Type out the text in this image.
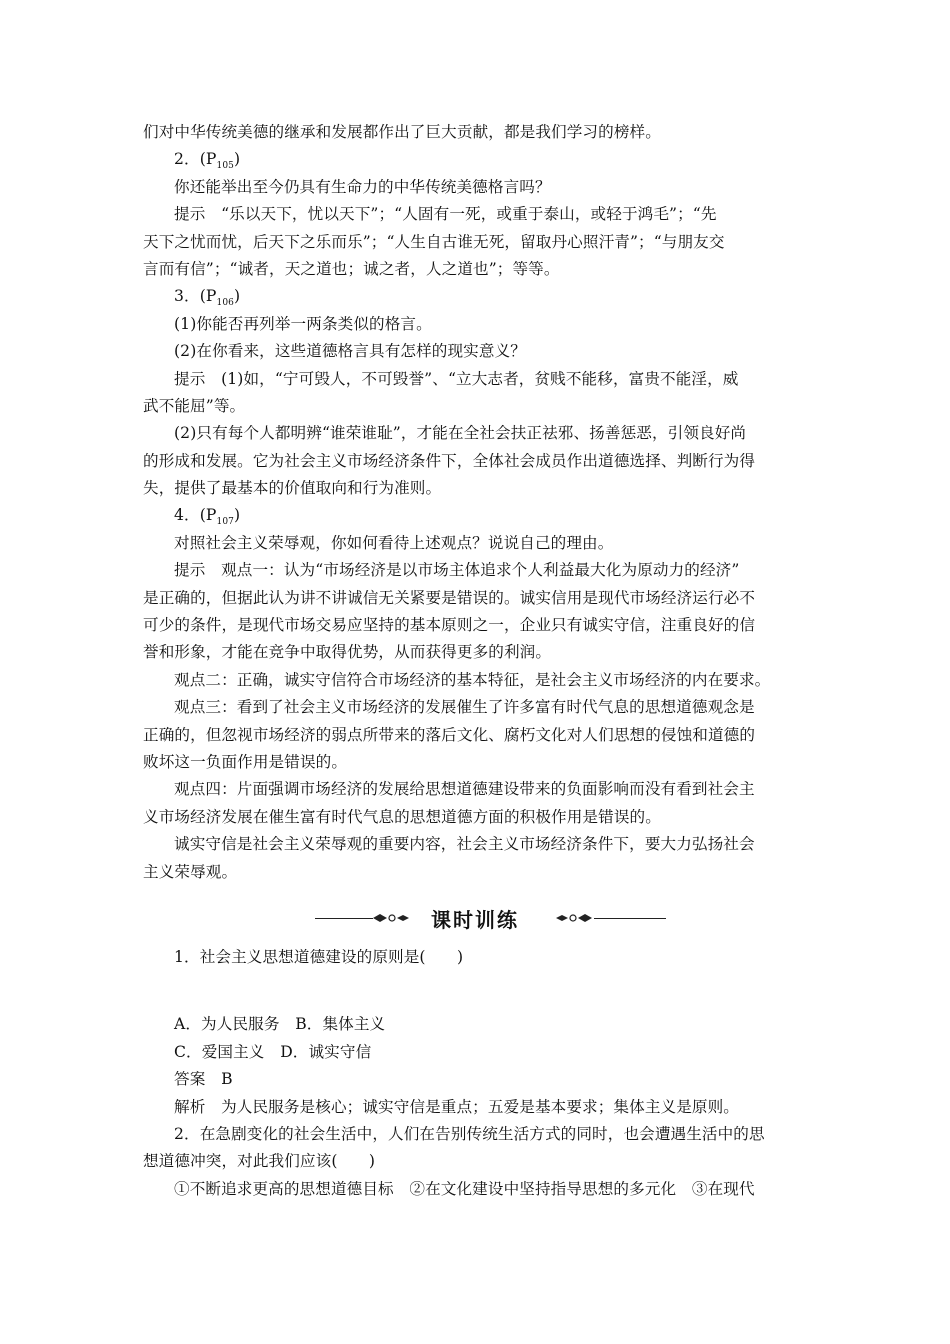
们对中华传统美德的继承和发展都作出了巨大贡献，都是我们学习的榜样。
2．$(P_{105})$
你还能举出至今仍具有生命力的中华传统美德格言吗？
提示　“乐以天下，忧以天下”；“人固有一死，或重于泰山，或轻于鸿毛”；“先
天下之忧而忧，后天下之乐而乐”；“人生自古谁无死，留取丹心照汗青”；“与朋友交
言而有信”；“诚者，天之道也；诚之者，人之道也”；等等。
3．$(P_{106})$
(1)你能否再列举一两条类似的格言。
(2)在你看来，这些道德格言具有怎样的现实意义？
提示　(1)如，“宁可毁人，不可毁誉”、“立大志者，贫贱不能移，富贵不能淫，威
武不能屈”等。
(2)只有每个人都明辨“谁荣谁耻”，才能在全社会扶正祛邪、扬善惩恶，引领良好尚
的形成和发展。它为社会主义市场经济条件下，全体社会成员作出道德选择、判断行为得
失，提供了最基本的价值取向和行为准则。
4．$(P_{107})$
对照社会主义荣辱观，你如何看待上述观点？说说自己的理由。
提示　观点一：认为“市场经济是以市场主体追求个人利益最大化为原动力的经济”
是正确的，但据此认为讲不讲诚信无关紧要是错误的。诚实信用是现代市场经济运行必不
可少的条件，是现代市场交易应坚持的基本原则之一，企业只有诚实守信，注重良好的信
誉和形象，才能在竞争中取得优势，从而获得更多的利润。
观点二：正确，诚实守信符合市场经济的基本特征，是社会主义市场经济的内在要求。
观点三：看到了社会主义市场经济的发展催生了许多富有时代气息的思想道德观念是
正确的，但忽视市场经济的弱点所带来的落后文化、腐朽文化对人们思想的侵蚀和道德的
败坏这一负面作用是错误的。
观点四：片面强调市场经济的发展给思想道德建设带来的负面影响而没有看到社会主
义市场经济发展在催生富有时代气息的思想道德方面的积极作用是错误的。
诚实守信是社会主义荣辱观的重要内容，社会主义市场经济条件下，要大力弘扬社会
主义荣辱观。
课时训练
1．社会主义思想道德建设的原则是(　　)
A．为人民服务　B．集体主义
C．爱国主义　D．诚实守信
答案　B
解析　为人民服务是核心；诚实守信是重点；五爱是基本要求；集体主义是原则。
2．在急剧变化的社会生活中，人们在告别传统生活方式的同时，也会遭遇生活中的思
想道德冲突，对此我们应该(　　)
①不断追求更高的思想道德目标　②在文化建设中坚持指导思想的多元化　③在现代
